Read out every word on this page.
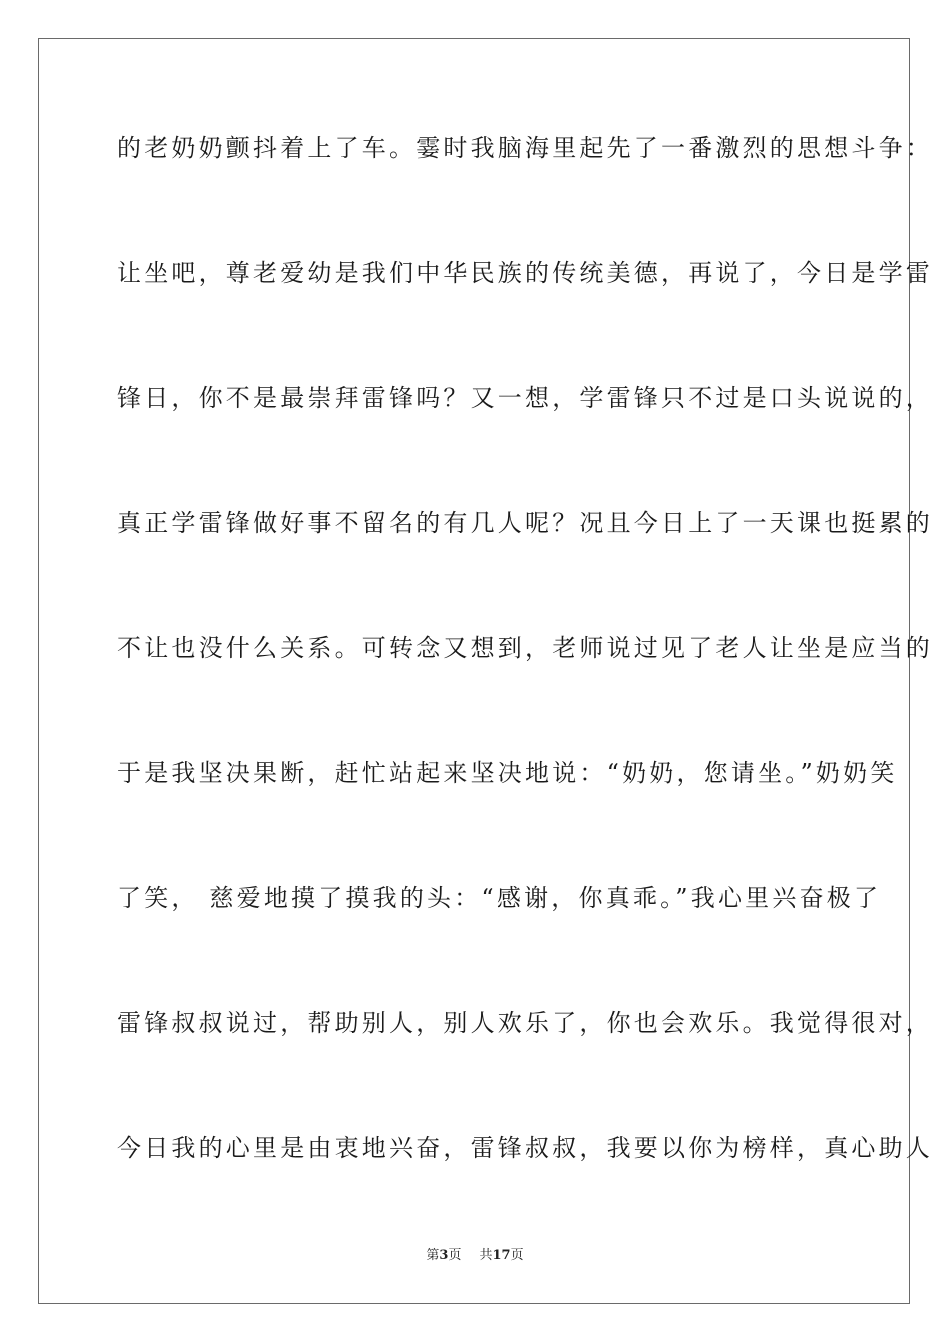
的老奶奶颤抖着上了车。霎时我脑海里起先了一番激烈的思想斗争：
让坐吧，尊老爱幼是我们中华民族的传统美德，再说了，今日是学雷
锋日，你不是最崇拜雷锋吗？又一想，学雷锋只不过是口头说说的，
真正学雷锋做好事不留名的有几人呢？况且今日上了一天课也挺累的
不让也没什么关系。可转念又想到，老师说过见了老人让坐是应当的
于是我坚决果断，赶忙站起来坚决地说：“奶奶，您请坐。”奶奶笑
了笑， 慈爱地摸了摸我的头：“感谢，你真乖。”我心里兴奋极了
雷锋叔叔说过，帮助别人，别人欢乐了，你也会欢乐。我觉得很对，
今日我的心里是由衷地兴奋，雷锋叔叔，我要以你为榜样，真心助人
第3页 共17页
